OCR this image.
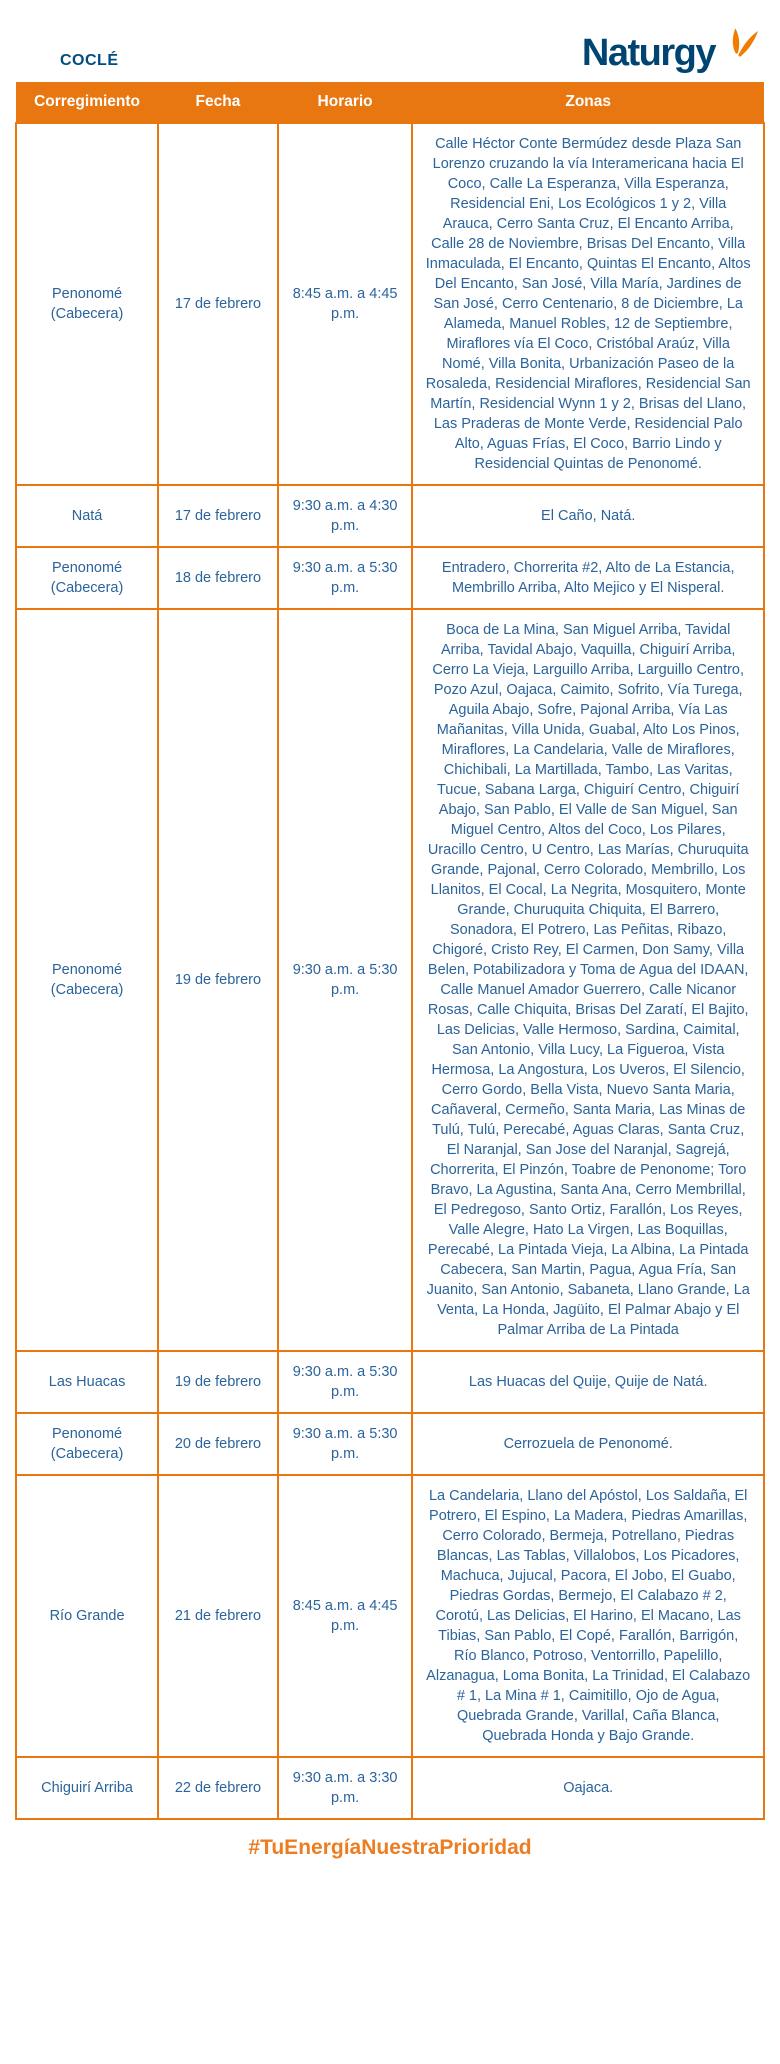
COCLÉ	Naturgy
Corregimiento	Fecha	Horario	Zonas
Penonomé (Cabecera)	17 de febrero	8:45 a.m. a 4:45 p.m.	Calle Héctor Conte Bermúdez desde Plaza San Lorenzo cruzando la vía Interamericana hacia El Coco, Calle La Esperanza, Villa Esperanza, Residencial Eni, Los Ecológicos 1 y 2, Villa Arauca, Cerro Santa Cruz, El Encanto Arriba, Calle 28 de Noviembre, Brisas Del Encanto, Villa Inmaculada, El Encanto, Quintas El Encanto, Altos Del Encanto, San José, Villa María, Jardines de San José, Cerro Centenario, 8 de Diciembre, La Alameda, Manuel Robles, 12 de Septiembre, Miraflores vía El Coco, Cristóbal Araúz, Villa Nomé, Villa Bonita, Urbanización Paseo de la Rosaleda, Residencial Miraflores, Residencial San Martín, Residencial Wynn 1 y 2, Brisas del Llano, Las Praderas de Monte Verde, Residencial Palo Alto, Aguas Frías, El Coco, Barrio Lindo y Residencial Quintas de Penonomé.
Natá	17 de febrero	9:30 a.m. a 4:30 p.m.	El Caño, Natá.
Penonomé (Cabecera)	18 de febrero	9:30 a.m. a 5:30 p.m.	Entradero, Chorrerita #2, Alto de La Estancia, Membrillo Arriba, Alto Mejico y El Nisperal.
Penonomé (Cabecera)	19 de febrero	9:30 a.m. a 5:30 p.m.	Boca de La Mina, San Miguel Arriba, Tavidal Arriba, Tavidal Abajo, Vaquilla, Chiguirí Arriba, Cerro La Vieja, Larguillo Arriba, Larguillo Centro, Pozo Azul, Oajaca, Caimito, Sofrito, Vía Turega, Aguila Abajo, Sofre, Pajonal Arriba, Vía Las Mañanitas, Villa Unida, Guabal, Alto Los Pinos, Miraflores, La Candelaria, Valle de Miraflores, Chichibali, La Martillada, Tambo, Las Varitas, Tucue, Sabana Larga, Chiguirí Centro, Chiguirí Abajo, San Pablo, El Valle de San Miguel, San Miguel Centro, Altos del Coco, Los Pilares, Uracillo Centro, U Centro, Las Marías, Churuquita Grande, Pajonal, Cerro Colorado, Membrillo, Los Llanitos, El Cocal, La Negrita, Mosquitero, Monte Grande, Churuquita Chiquita, El Barrero, Sonadora, El Potrero, Las Peñitas, Ribazo, Chigoré, Cristo Rey, El Carmen, Don Samy, Villa Belen, Potabilizadora y Toma de Agua del IDAAN, Calle Manuel Amador Guerrero, Calle Nicanor Rosas, Calle Chiquita, Brisas Del Zaratí, El Bajito, Las Delicias, Valle Hermoso, Sardina, Caimital, San Antonio, Villa Lucy, La Figueroa, Vista Hermosa, La Angostura, Los Uveros, El Silencio, Cerro Gordo, Bella Vista, Nuevo Santa Maria, Cañaveral, Cermeño, Santa Maria, Las Minas de Tulú, Tulú, Perecabé, Aguas Claras, Santa Cruz, El Naranjal, San Jose del Naranjal, Sagrejá, Chorrerita, El Pinzón, Toabre de Penonome; Toro Bravo, La Agustina, Santa Ana, Cerro Membrillal, El Pedregoso, Santo Ortiz, Farallón, Los Reyes, Valle Alegre, Hato La Virgen, Las Boquillas, Perecabé, La Pintada Vieja, La Albina, La Pintada Cabecera, San Martin, Pagua, Agua Fría, San Juanito, San Antonio, Sabaneta, Llano Grande, La Venta, La Honda, Jagüito, El Palmar Abajo y El Palmar Arriba de La Pintada
Las Huacas	19 de febrero	9:30 a.m. a 5:30 p.m.	Las Huacas del Quije, Quije de Natá.
Penonomé (Cabecera)	20 de febrero	9:30 a.m. a 5:30 p.m.	Cerrozuela de Penonomé.
Río Grande	21 de febrero	8:45 a.m. a 4:45 p.m.	La Candelaria, Llano del Apóstol, Los Saldaña, El Potrero, El Espino, La Madera, Piedras Amarillas, Cerro Colorado, Bermeja, Potrellano, Piedras Blancas, Las Tablas, Villalobos, Los Picadores, Machuca, Jujucal, Pacora, El Jobo, El Guabo, Piedras Gordas, Bermejo, El Calabazo # 2, Corotú, Las Delicias, El Harino, El Macano, Las Tibias, San Pablo, El Copé, Farallón, Barrigón, Río Blanco, Potroso, Ventorrillo, Papelillo, Alzanagua, Loma Bonita, La Trinidad, El Calabazo # 1, La Mina # 1, Caimitillo, Ojo de Agua, Quebrada Grande, Varillal, Caña Blanca, Quebrada Honda y Bajo Grande.
Chiguirí Arriba	22 de febrero	9:30 a.m. a 3:30 p.m.	Oajaca.
#TuEnergíaNuestraPrioridad
